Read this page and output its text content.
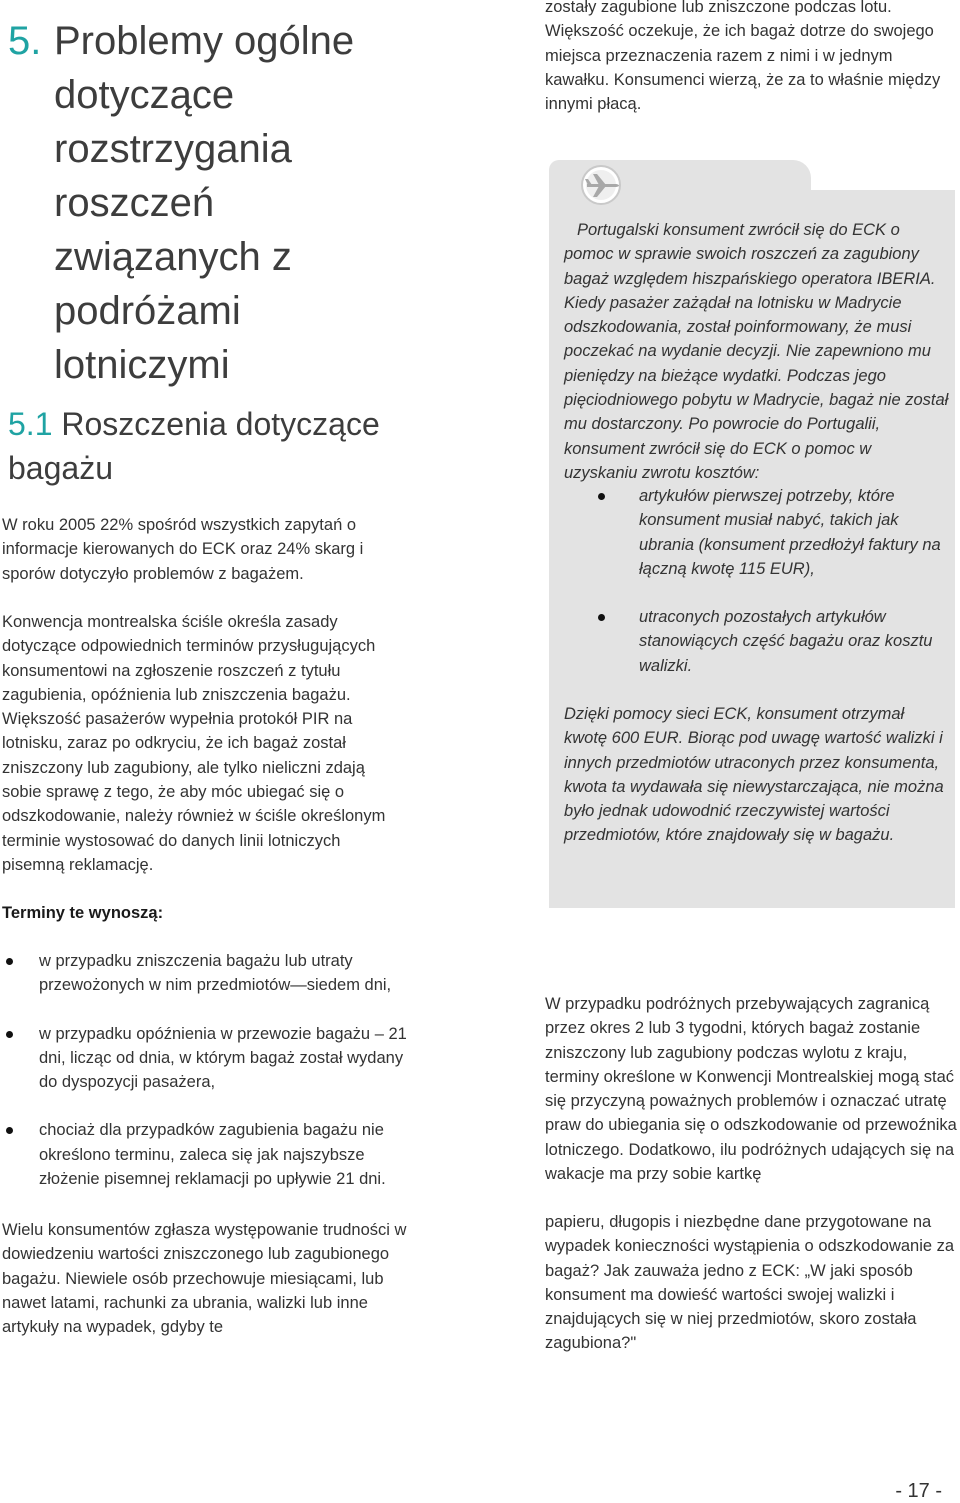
5. Problemy ogólne dotyczące rozstrzygania roszczeń związanych z podróżami lotniczymi
5.1 Roszczenia dotyczące bagażu

W roku 2005 22% spośród wszystkich zapytań o informacje kierowanych do ECK oraz 24% skarg i sporów dotyczyło problemów z bagażem.

Konwencja montrealska ściśle określa zasady dotyczące odpowiednich terminów przysługujących konsumentowi na zgłoszenie roszczeń z tytułu zagubienia, opóźnienia lub zniszczenia bagażu. Większość pasażerów wypełnia protokół PIR na lotnisku, zaraz po odkryciu, że ich bagaż został zniszczony lub zagubiony, ale tylko nieliczni zdają sobie sprawę z tego, że aby móc ubiegać się o odszkodowanie, należy również w ściśle określonym terminie wystosować do danych linii lotniczych pisemną reklamację.

Terminy te wynoszą:

w przypadku zniszczenia bagażu lub utraty przewożonych w nim przedmiotów—siedem dni,
w przypadku opóźnienia w przewozie bagażu – 21 dni, licząc od dnia, w którym bagaż został wydany do dyspozycji pasażera,
chociaż dla przypadków zagubienia bagażu nie określono terminu, zaleca się jak najszybsze złożenie pisemnej reklamacji po upływie 21 dni.

Wielu konsumentów zgłasza występowanie trudności w dowiedzeniu wartości zniszczonego lub zagubionego bagażu. Niewiele osób przechowuje miesiącami, lub nawet latami, rachunki za ubrania, walizki lub inne artykuły na wypadek, gdyby te

zostały zagubione lub zniszczone podczas lotu. Większość oczekuje, że ich bagaż dotrze do swojego miejsca przeznaczenia razem z nimi i w jednym kawałku. Konsumenci wierzą, że za to właśnie między innymi płacą.

Portugalski konsument zwrócił się do ECK o pomoc w sprawie swoich roszczeń za zagubiony bagaż względem hiszpańskiego operatora IBERIA. Kiedy pasażer zażądał na lotnisku w Madrycie odszkodowania, został poinformowany, że musi poczekać na wydanie decyzji. Nie zapewniono mu pieniędzy na bieżące wydatki. Podczas jego pięciodniowego pobytu w Madrycie, bagaż nie został mu dostarczony. Po powrocie do Portugalii, konsument zwrócił się do ECK o pomoc w uzyskaniu zwrotu kosztów:

artykułów pierwszej potrzeby, które konsument musiał nabyć, takich jak ubrania (konsument przedłożył faktury na łączną kwotę 115 EUR),
utraconych pozostałych artykułów stanowiących część bagażu oraz kosztu walizki.

Dzięki pomocy sieci ECK, konsument otrzymał kwotę 600 EUR. Biorąc pod uwagę wartość walizki i innych przedmiotów utraconych przez konsumenta, kwota ta wydawała się niewystarczająca, nie można było jednak udowodnić rzeczywistej wartości przedmiotów, które znajdowały się w bagażu.

W przypadku podróżnych przebywających zagranicą przez okres 2 lub 3 tygodni, których bagaż zostanie zniszczony lub zagubiony podczas wylotu z kraju, terminy określone w Konwencji Montrealskiej mogą stać się przyczyną poważnych problemów i oznaczać utratę praw do ubiegania się o odszkodowanie od przewoźnika lotniczego. Dodatkowo, ilu podróżnych udających się na wakacje ma przy sobie kartkę

papieru, długopis i niezbędne dane przygotowane na wypadek konieczności wystąpienia o odszkodowanie za bagaż? Jak zauważa jedno z ECK: „W jaki sposób konsument ma dowieść wartości swojej walizki i znajdujących się w niej przedmiotów, skoro została zagubiona?"

- 17 -
